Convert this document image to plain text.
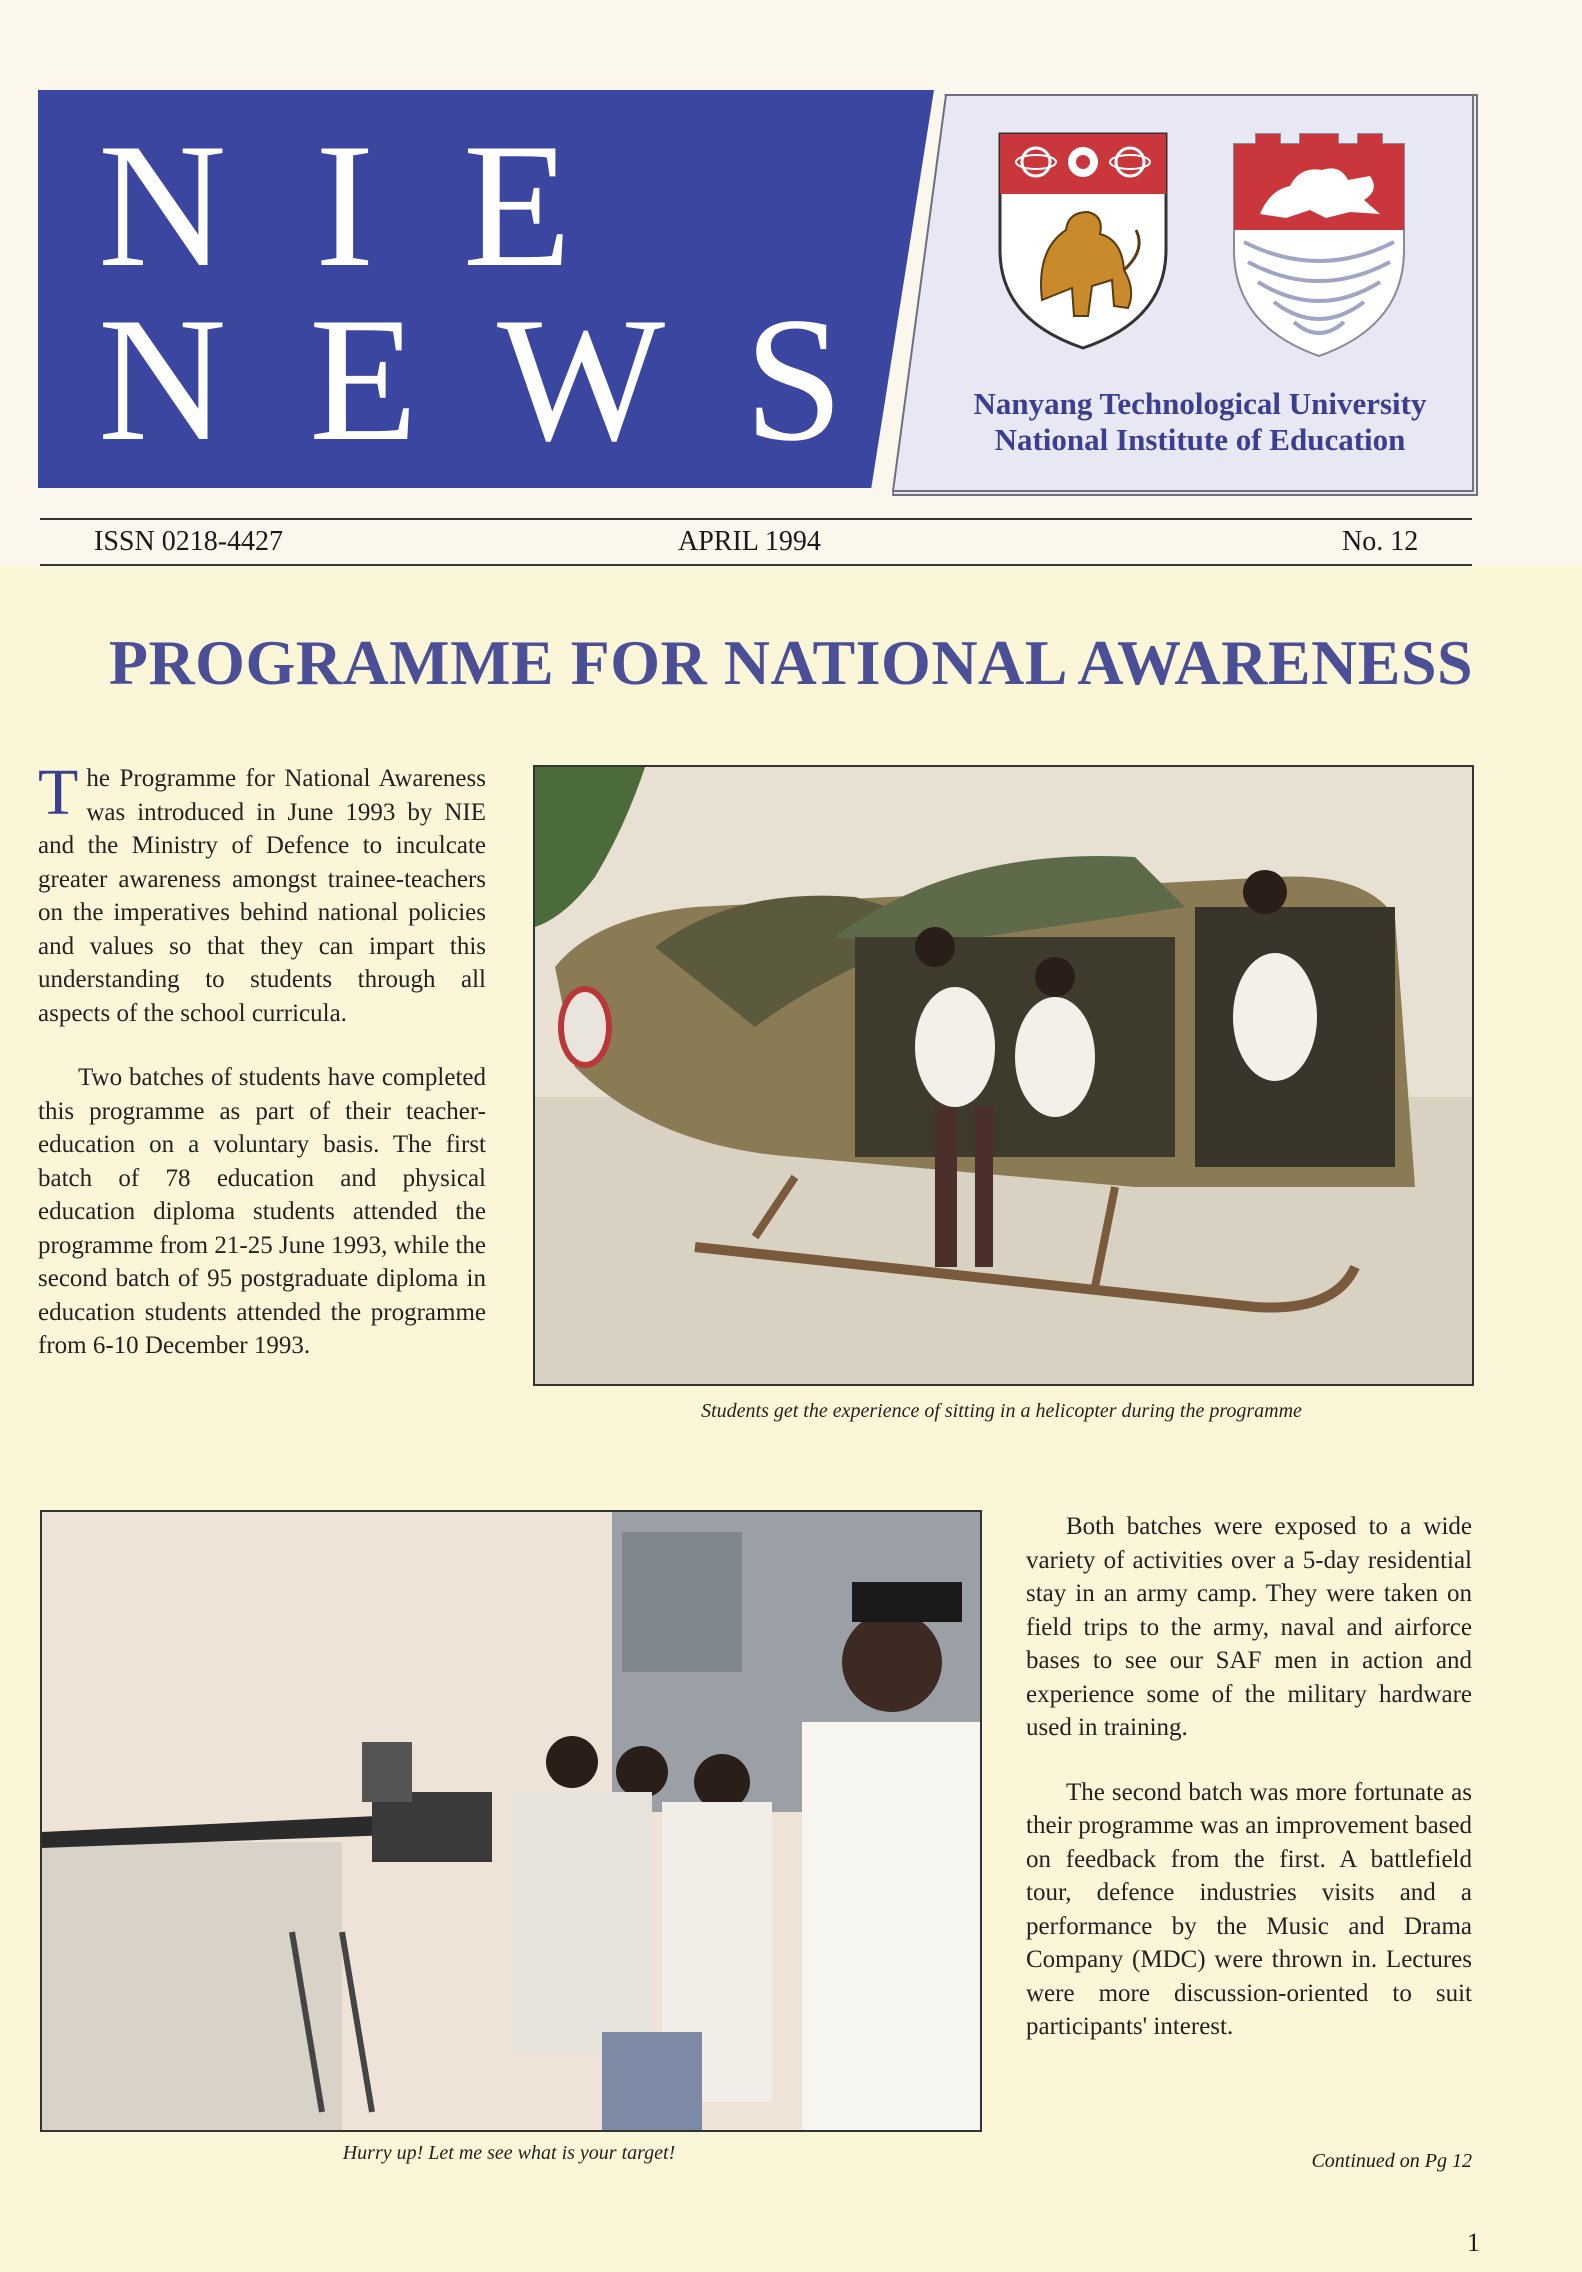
N I E
N E W S	Nanyang Technological University
National Institute of Education
ISSN 0218-4427	APRIL 1994	No. 12
PROGRAMME FOR NATIONAL AWARENESS

The Programme for National Awareness was introduced in June 1993 by NIE and the Ministry of Defence to inculcate greater awareness amongst trainee-teachers on the imperatives behind national policies and values so that they can impart this understanding to students through all aspects of the school curricula.

Two batches of students have completed this programme as part of their teacher-education on a voluntary basis. The first batch of 78 education and physical education diploma students attended the programme from 21-25 June 1993, while the second batch of 95 postgraduate diploma in education students attended the programme from 6-10 December 1993.

Students get the experience of sitting in a helicopter during the programme
Hurry up! Let me see what is your target!

Both batches were exposed to a wide variety of activities over a 5-day residential stay in an army camp. They were taken on field trips to the army, naval and airforce bases to see our SAF men in action and experience some of the military hardware used in training.

The second batch was more fortunate as their programme was an improvement based on feedback from the first. A battlefield tour, defence industries visits and a performance by the Music and Drama Company (MDC) were thrown in. Lectures were more discussion-oriented to suit participants' interest.

Continued on Pg 12
1
